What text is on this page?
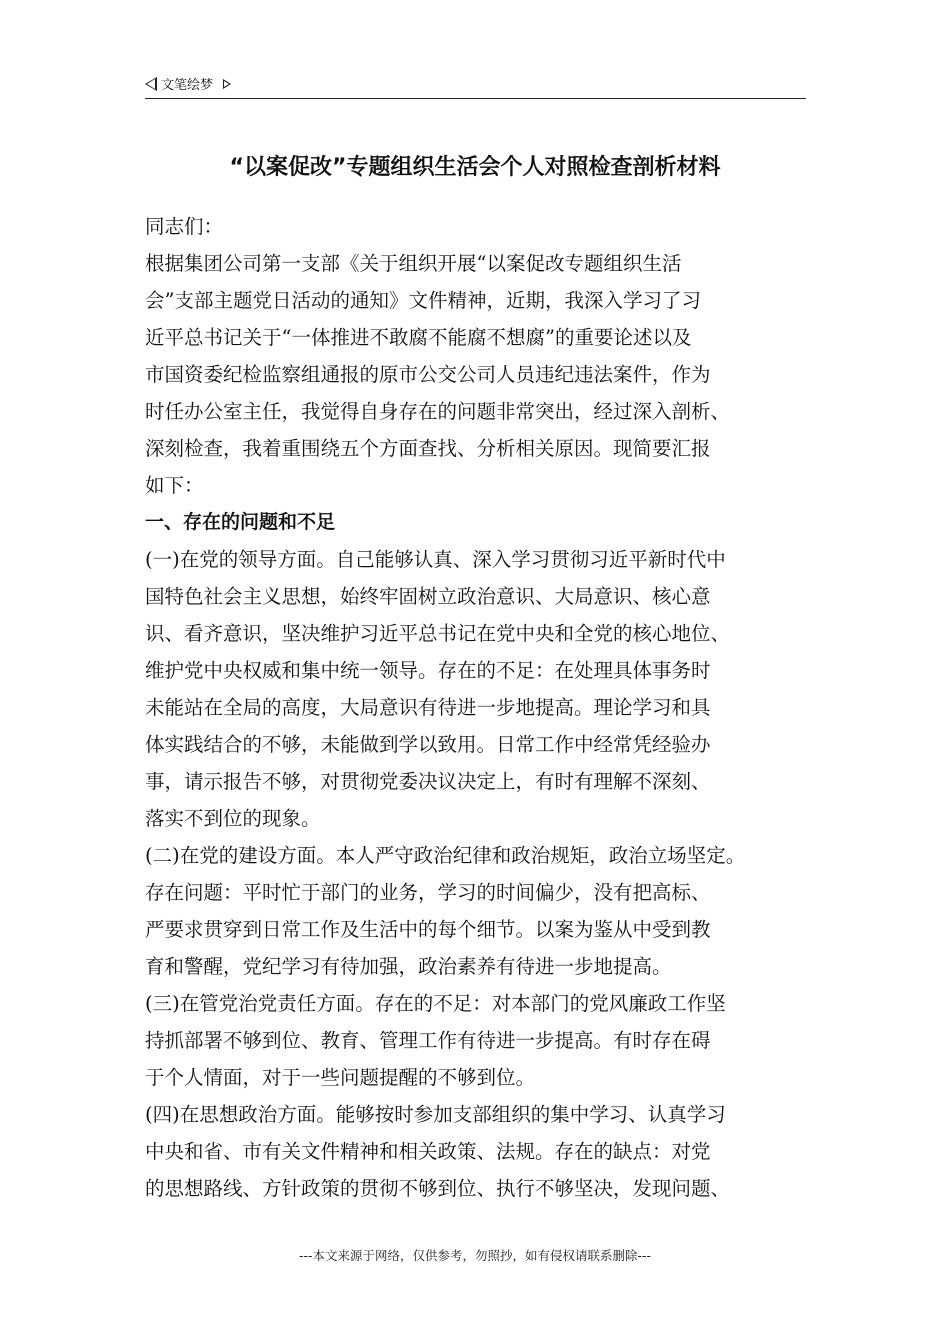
文笔绘梦
“以案促改”专题组织生活会个人对照检查剖析材料
同志们：
根据集团公司第一支部《关于组织开展“以案促改专题组织生活
会”支部主题党日活动的通知》文件精神，近期，我深入学习了习
近平总书记关于“一体推进不敢腐不能腐不想腐”的重要论述以及
市国资委纪检监察组通报的原市公交公司人员违纪违法案件，作为
时任办公室主任，我觉得自身存在的问题非常突出，经过深入剖析、
深刻检查，我着重围绕五个方面查找、分析相关原因。现简要汇报
如下：
一、存在的问题和不足
(一)在党的领导方面。自己能够认真、深入学习贯彻习近平新时代中
国特色社会主义思想，始终牢固树立政治意识、大局意识、核心意
识、看齐意识，坚决维护习近平总书记在党中央和全党的核心地位、
维护党中央权威和集中统一领导。存在的不足：在处理具体事务时
未能站在全局的高度，大局意识有待进一步地提高。理论学习和具
体实践结合的不够，未能做到学以致用。日常工作中经常凭经验办
事，请示报告不够，对贯彻党委决议决定上，有时有理解不深刻、
落实不到位的现象。
(二)在党的建设方面。本人严守政治纪律和政治规矩，政治立场坚定。
存在问题：平时忙于部门的业务，学习的时间偏少，没有把高标、
严要求贯穿到日常工作及生活中的每个细节。以案为鉴从中受到教
育和警醒，党纪学习有待加强，政治素养有待进一步地提高。
(三)在管党治党责任方面。存在的不足：对本部门的党风廉政工作坚
持抓部署不够到位、教育、管理工作有待进一步提高。有时存在碍
于个人情面，对于一些问题提醒的不够到位。
(四)在思想政治方面。能够按时参加支部组织的集中学习、认真学习
中央和省、市有关文件精神和相关政策、法规。存在的缺点：对党
的思想路线、方针政策的贯彻不够到位、执行不够坚决，发现问题、
---本文来源于网络，仅供参考，勿照抄，如有侵权请联系删除---
